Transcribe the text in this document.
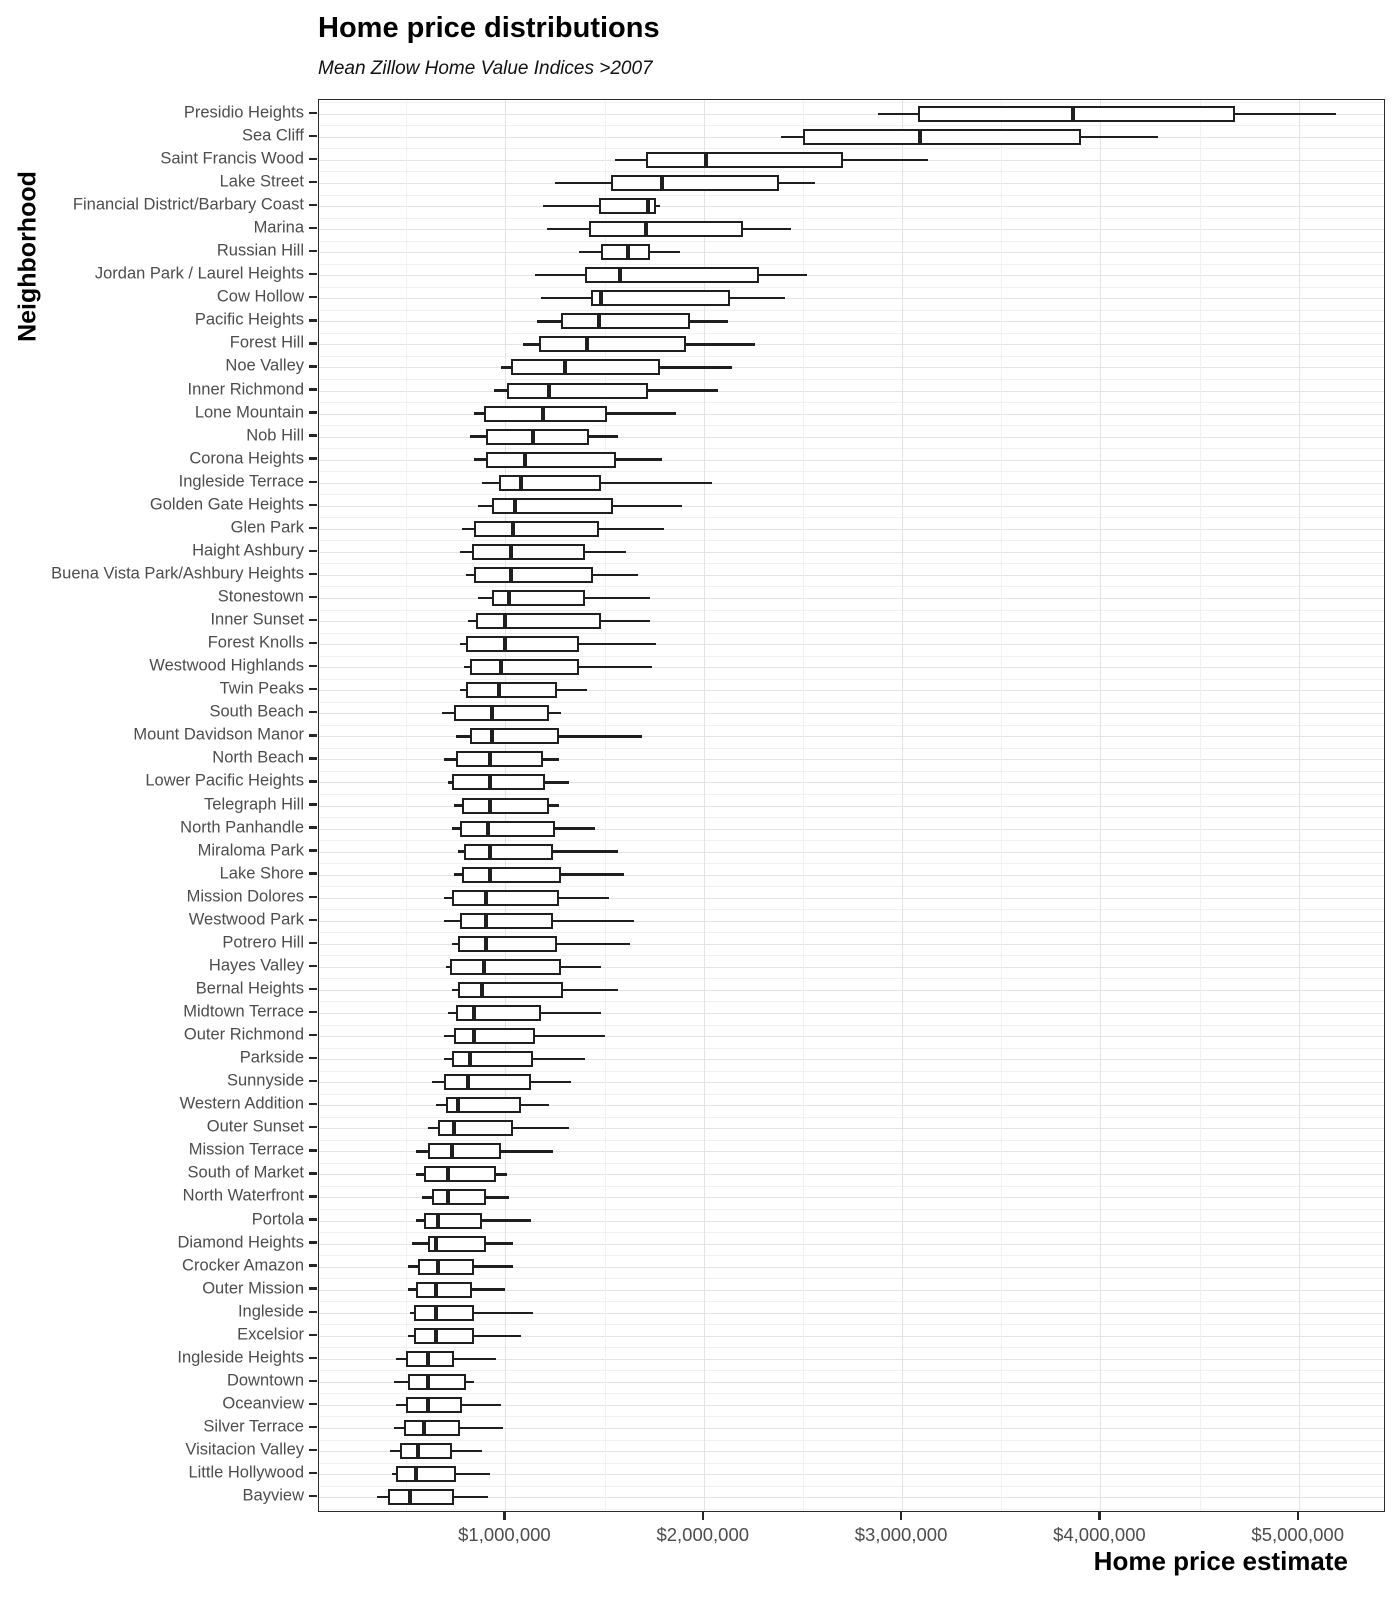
Home price distributions
Mean Zillow Home Value Indices >2007
Neighborhood
Presidio Heights
Sea Cliff
Saint Francis Wood
Lake Street
Financial District/Barbary Coast
Marina
Russian Hill
Jordan Park / Laurel Heights
Cow Hollow
Pacific Heights
Forest Hill
Noe Valley
Inner Richmond
Lone Mountain
Nob Hill
Corona Heights
Ingleside Terrace
Golden Gate Heights
Glen Park
Haight Ashbury
Buena Vista Park/Ashbury Heights
Stonestown
Inner Sunset
Forest Knolls
Westwood Highlands
Twin Peaks
South Beach
Mount Davidson Manor
North Beach
Lower Pacific Heights
Telegraph Hill
North Panhandle
Miraloma Park
Lake Shore
Mission Dolores
Westwood Park
Potrero Hill
Hayes Valley
Bernal Heights
Midtown Terrace
Outer Richmond
Parkside
Sunnyside
Western Addition
Outer Sunset
Mission Terrace
South of Market
North Waterfront
Portola
Diamond Heights
Crocker Amazon
Outer Mission
Ingleside
Excelsior
Ingleside Heights
Downtown
Oceanview
Silver Terrace
Visitacion Valley
Little Hollywood
Bayview
$1,000,000	$2,000,000	$3,000,000	$4,000,000	$5,000,000
Home price estimate
